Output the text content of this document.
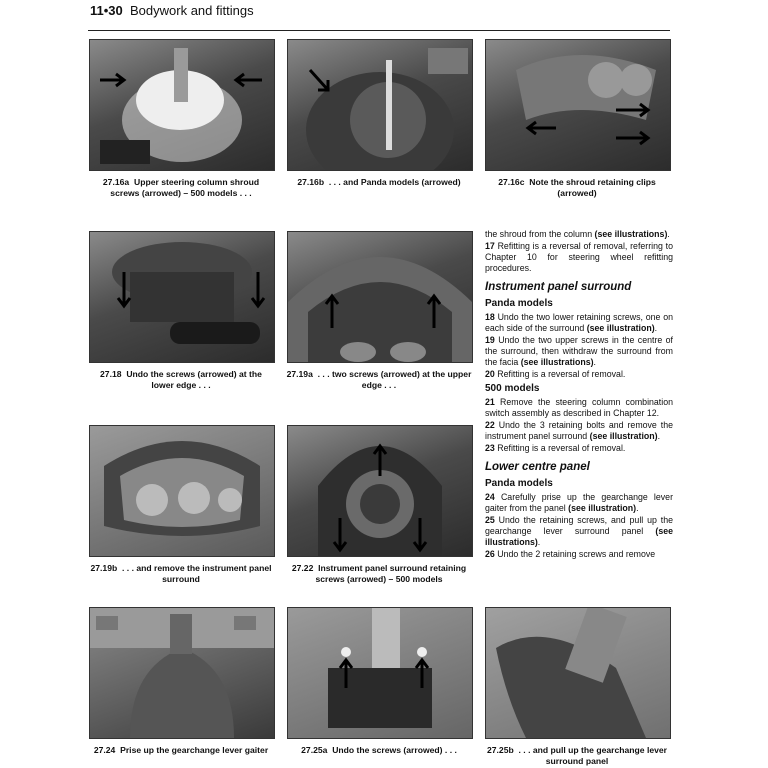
11•30 Bodywork and fittings
27.16a Upper steering column shroud screws (arrowed) – 500 models . . .
27.16b . . . and Panda models (arrowed)	27.16c Note the shroud retaining clips (arrowed)
27.18 Undo the screws (arrowed) at the lower edge . . .
27.19a . . . two screws (arrowed) at the upper edge . . .
27.19b . . . and remove the instrument panel surround
27.22 Instrument panel surround retaining screws (arrowed) – 500 models
27.24 Prise up the gearchange lever gaiter	27.25a Undo the screws (arrowed) . . .	27.25b . . . and pull up the gearchange lever surround panel

the shroud from the column (see illustrations).

17 Refitting is a reversal of removal, referring to Chapter 10 for steering wheel refitting procedures.

Instrument panel surround
Panda models

18 Undo the two lower retaining screws, one on each side of the surround (see illustration).

19 Undo the two upper screws in the centre of the surround, then withdraw the surround from the facia (see illustrations).

20 Refitting is a reversal of removal.

500 models

21 Remove the steering column combination switch assembly as described in Chapter 12.

22 Undo the 3 retaining bolts and remove the instrument panel surround (see illustration).

23 Refitting is a reversal of removal.

Lower centre panel
Panda models

24 Carefully prise up the gearchange lever gaiter from the panel (see illustration).

25 Undo the retaining screws, and pull up the gearchange lever surround panel (see illustrations).

26 Undo the 2 retaining screws and remove
